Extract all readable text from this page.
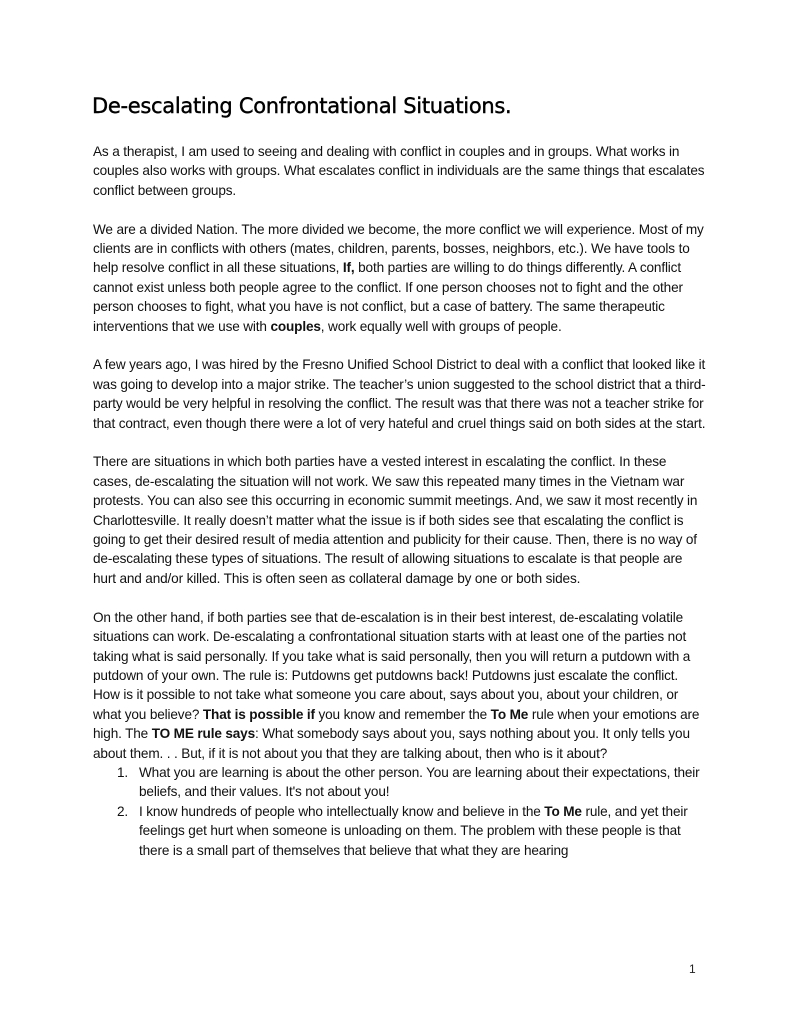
De-escalating Confrontational Situations.

As a therapist, I am used to seeing and dealing with conflict in couples and in groups. What works in couples also works with groups. What escalates conflict in individuals are the same things that escalates conflict between groups.

We are a divided Nation. The more divided we become, the more conflict we will experience. Most of my clients are in conflicts with others (mates, children, parents, bosses, neighbors, etc.). We have tools to help resolve conflict in all these situations, If, both parties are willing to do things differently. A conflict cannot exist unless both people agree to the conflict. If one person chooses not to fight and the other person chooses to fight, what you have is not conflict, but a case of battery. The same therapeutic interventions that we use with couples, work equally well with groups of people.

A few years ago, I was hired by the Fresno Unified School District to deal with a conflict that looked like it was going to develop into a major strike. The teacher’s union suggested to the school district that a third-party would be very helpful in resolving the conflict. The result was that there was not a teacher strike for that contract, even though there were a lot of very hateful and cruel things said on both sides at the start.

There are situations in which both parties have a vested interest in escalating the conflict. In these cases, de-escalating the situation will not work. We saw this repeated many times in the Vietnam war protests. You can also see this occurring in economic summit meetings. And, we saw it most recently in Charlottesville. It really doesn’t matter what the issue is if both sides see that escalating the conflict is going to get their desired result of media attention and publicity for their cause. Then, there is no way of de-escalating these types of situations. The result of allowing situations to escalate is that people are hurt and and/or killed. This is often seen as collateral damage by one or both sides.

On the other hand, if both parties see that de-escalation is in their best interest, de-escalating volatile situations can work. De-escalating a confrontational situation starts with at least one of the parties not taking what is said personally. If you take what is said personally, then you will return a putdown with a putdown of your own. The rule is: Putdowns get putdowns back! Putdowns just escalate the conflict. How is it possible to not take what someone you care about, says about you, about your children, or what you believe? That is possible if you know and remember the To Me rule when your emotions are high. The TO ME rule says: What somebody says about you, says nothing about you. It only tells you about them. . . But, if it is not about you that they are talking about, then who is it about?

1. What you are learning is about the other person. You are learning about their expectations, their beliefs, and their values. It's not about you!
2. I know hundreds of people who intellectually know and believe in the To Me rule, and yet their feelings get hurt when someone is unloading on them. The problem with these people is that there is a small part of themselves that believe that what they are hearing
1
